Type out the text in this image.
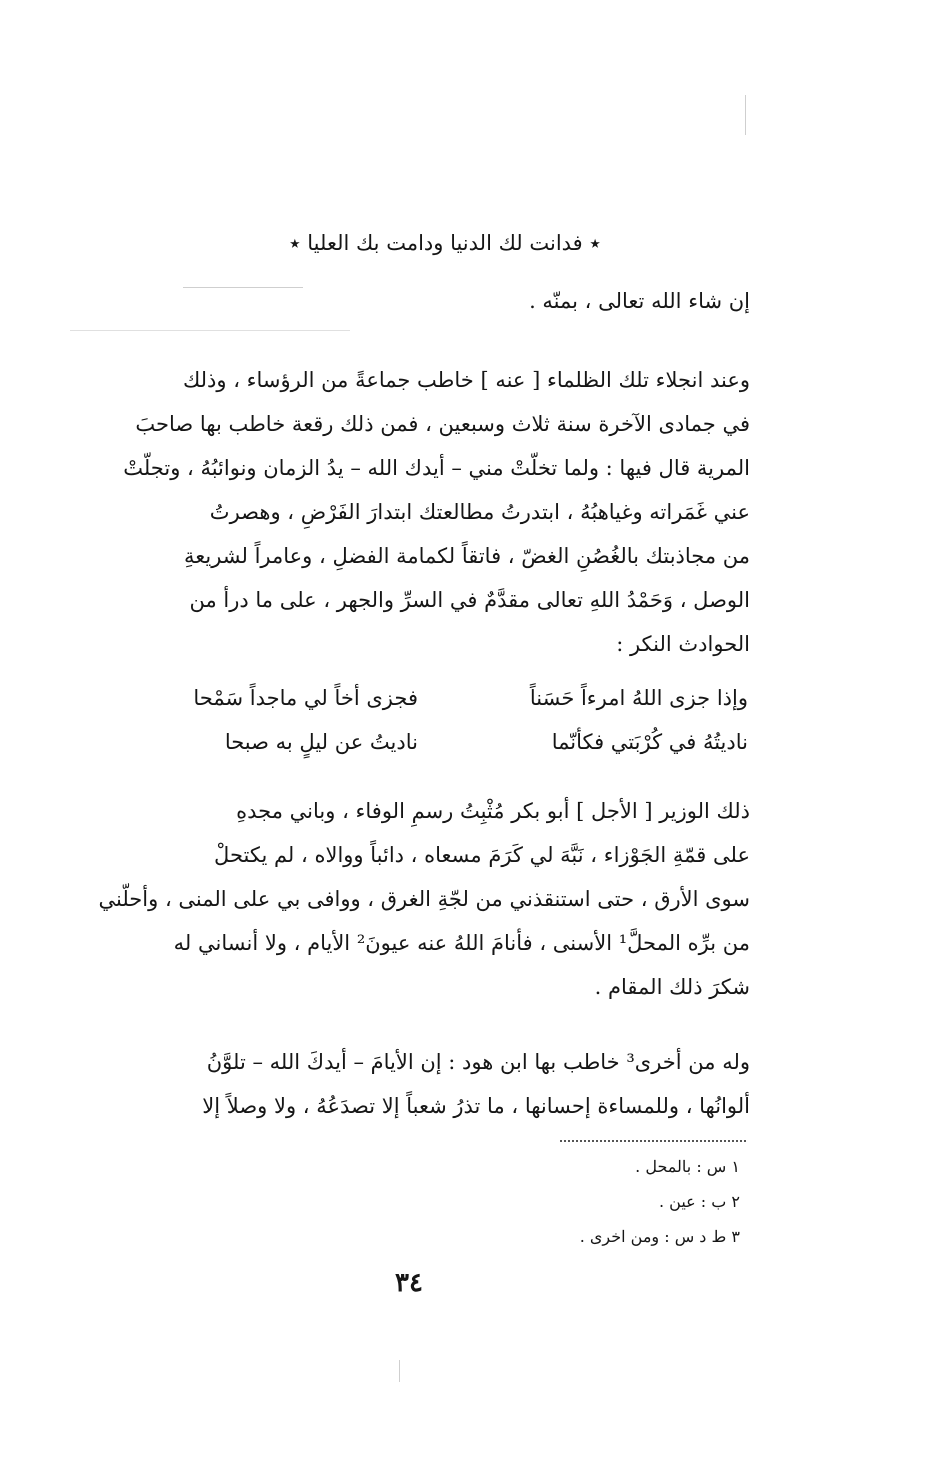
٭ فدانت لك الدنيا ودامت بك العليا ٭
إن شاء الله تعالى ، بمنّه .
وعند انجلاء تلك الظلماء [ عنه ] خاطب جماعةً من الرؤساء ، وذلك
في جمادى الآخرة سنة ثلاث وسبعين ، فمن ذلك رقعة خاطب بها صاحبَ
المرية قال فيها : ولما تخلّتْ مني – أيدك الله – يدُ الزمان ونوائبُهُ ، وتجلّتْ
عني غَمَراته وغياهبُهُ ، ابتدرتُ مطالعتك ابتدارَ الفَرْضِ ، وهصرتُ
من مجاذبتك بالغُصُنِ الغضّ ، فاتقاً لكمامة الفضلِ ، وعامراً لشريعةِ
الوصل ، وَحَمْدُ اللهِ تعالى مقدَّمٌ في السرِّ والجهر ، على ما درأ من
الحوادث النكر :
وإذا جزى اللهُ امرءاً حَسَناً
فجزى أخاً لي ماجداً سَمْحا
ناديتُهُ في كُرْبَتي فكأنّما
ناديتُ عن ليلٍ به صبحا
ذلك الوزير [ الأجل ] أبو بكر مُثْبِتُ رسمِ الوفاء ، وباني مجدهِ
على قمّةِ الجَوْزاء ، نَبَّهَ لي كَرَمَ مسعاه ، دائباً ووالاه ، لم يكتحلْ
سوى الأرق ، حتى استنقذني من لجّةِ الغرق ، ووافى بي على المنى ، وأحلّني
من برِّه المحلَّ¹ الأسنى ، فأنامَ اللهُ عنه عيونَ² الأيام ، ولا أنساني له
شكرَ ذلك المقام .
وله من أخرى³ خاطب بها ابن هود : إن الأيامَ – أيدكَ الله – تلوَّنُ
ألوانُها ، وللمساءة إحسانها ، ما تذرُ شعباً إلا تصدَعُهُ ، ولا وصلاً إلا
١ س : بالمحل .
٢ ب : عين .
٣ ط د س : ومن اخرى .
٣٤
